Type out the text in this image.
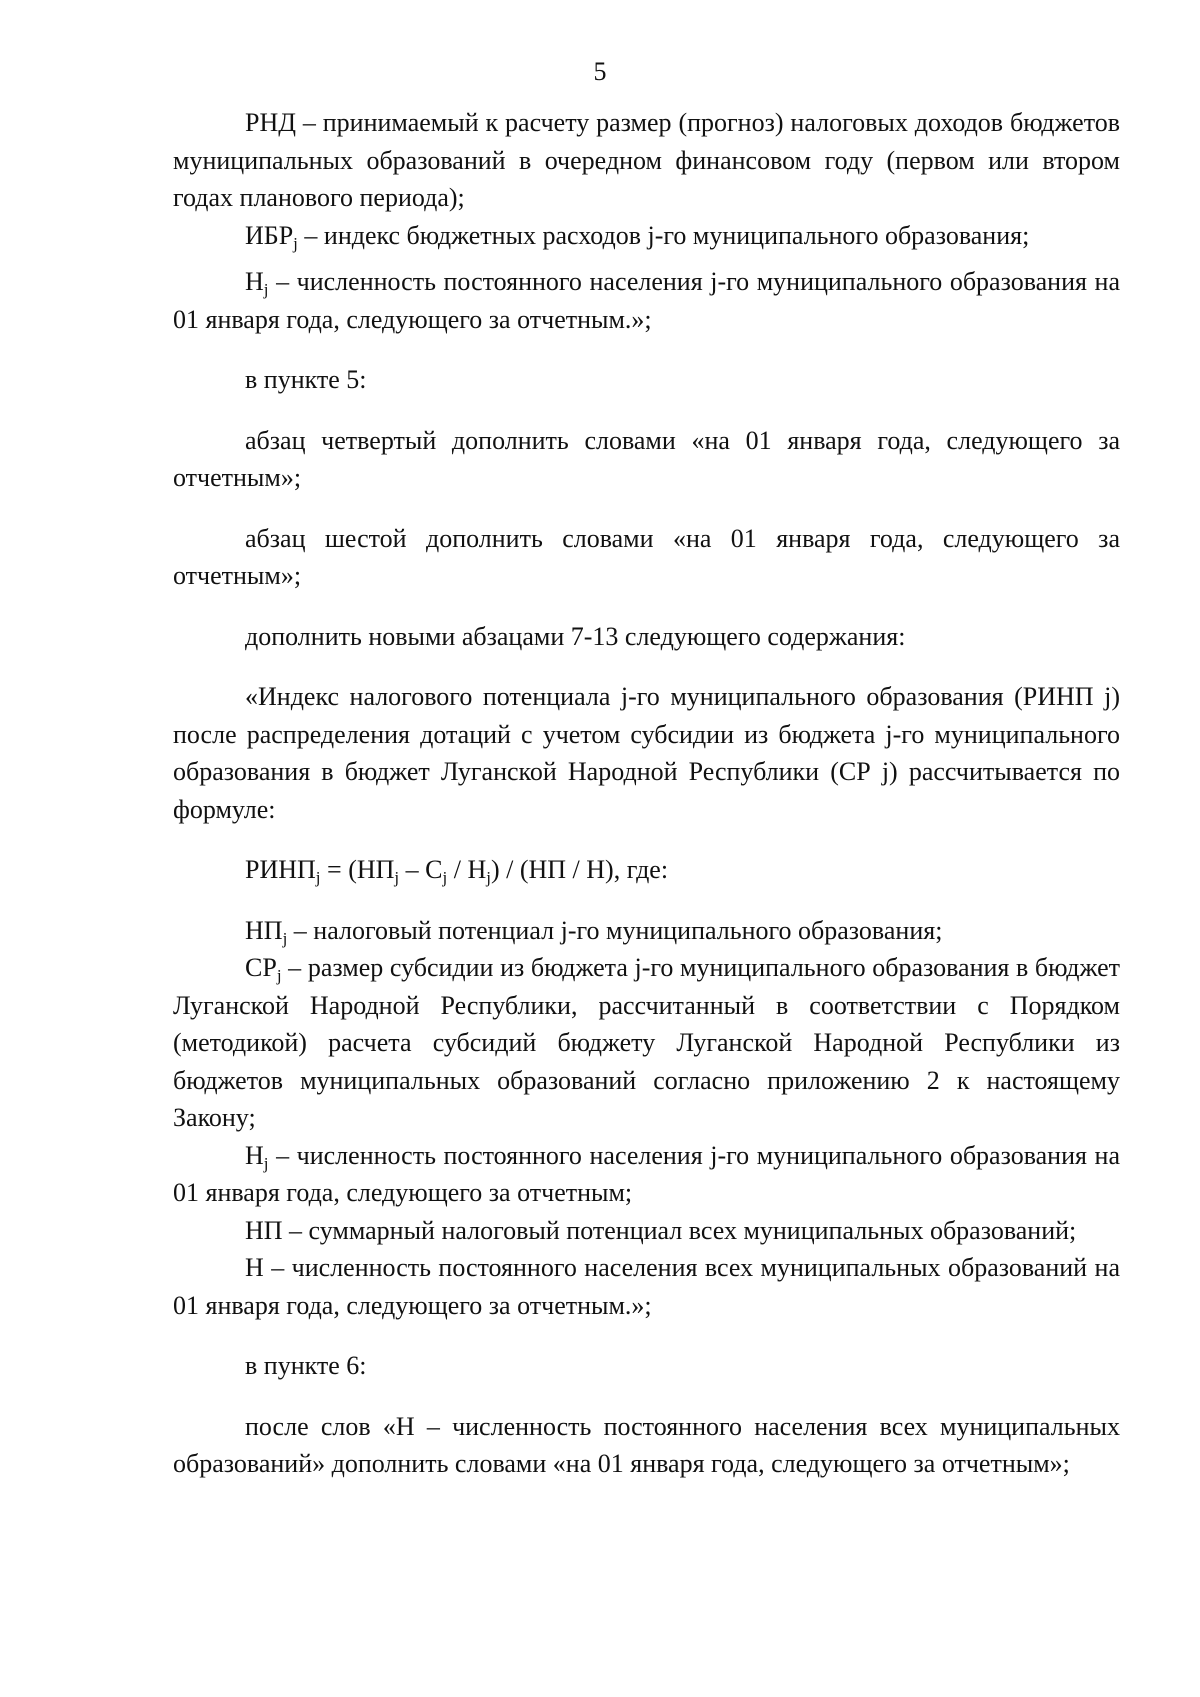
5

РНД – принимаемый к расчету размер (прогноз) налоговых доходов бюджетов муниципальных образований в очередном финансовом году (первом или втором годах планового периода);

$ИБР_j$ – индекс бюджетных расходов j-го муниципального образования;

$Н_j$ – численность постоянного населения j-го муниципального образования на 01 января года, следующего за отчетным.»;

в пункте 5:

абзац четвертый дополнить словами «на 01 января года, следующего за отчетным»;

абзац шестой дополнить словами «на 01 января года, следующего за отчетным»;

дополнить новыми абзацами 7-13 следующего содержания:

«Индекс налогового потенциала j-го муниципального образования (РИНП j) после распределения дотаций с учетом субсидии из бюджета j-го муниципального образования в бюджет Луганской Народной Республики (СР j) рассчитывается по формуле:

$РИНП_j = (НП_j - С_j / Н_j) / (НП / Н)$, где:

$НП_j$ – налоговый потенциал j-го муниципального образования;

$СР_j$ – размер субсидии из бюджета j-го муниципального образования в бюджет Луганской Народной Республики, рассчитанный в соответствии с Порядком (методикой) расчета субсидий бюджету Луганской Народной Республики из бюджетов муниципальных образований согласно приложению 2 к настоящему Закону;

$Н_j$ – численность постоянного населения j-го муниципального образования на 01 января года, следующего за отчетным;

НП – суммарный налоговый потенциал всех муниципальных образований;

Н – численность постоянного населения всех муниципальных образований на 01 января года, следующего за отчетным.»;

в пункте 6:

после слов «Н – численность постоянного населения всех муниципальных образований» дополнить словами «на 01 января года, следующего за отчетным»;
